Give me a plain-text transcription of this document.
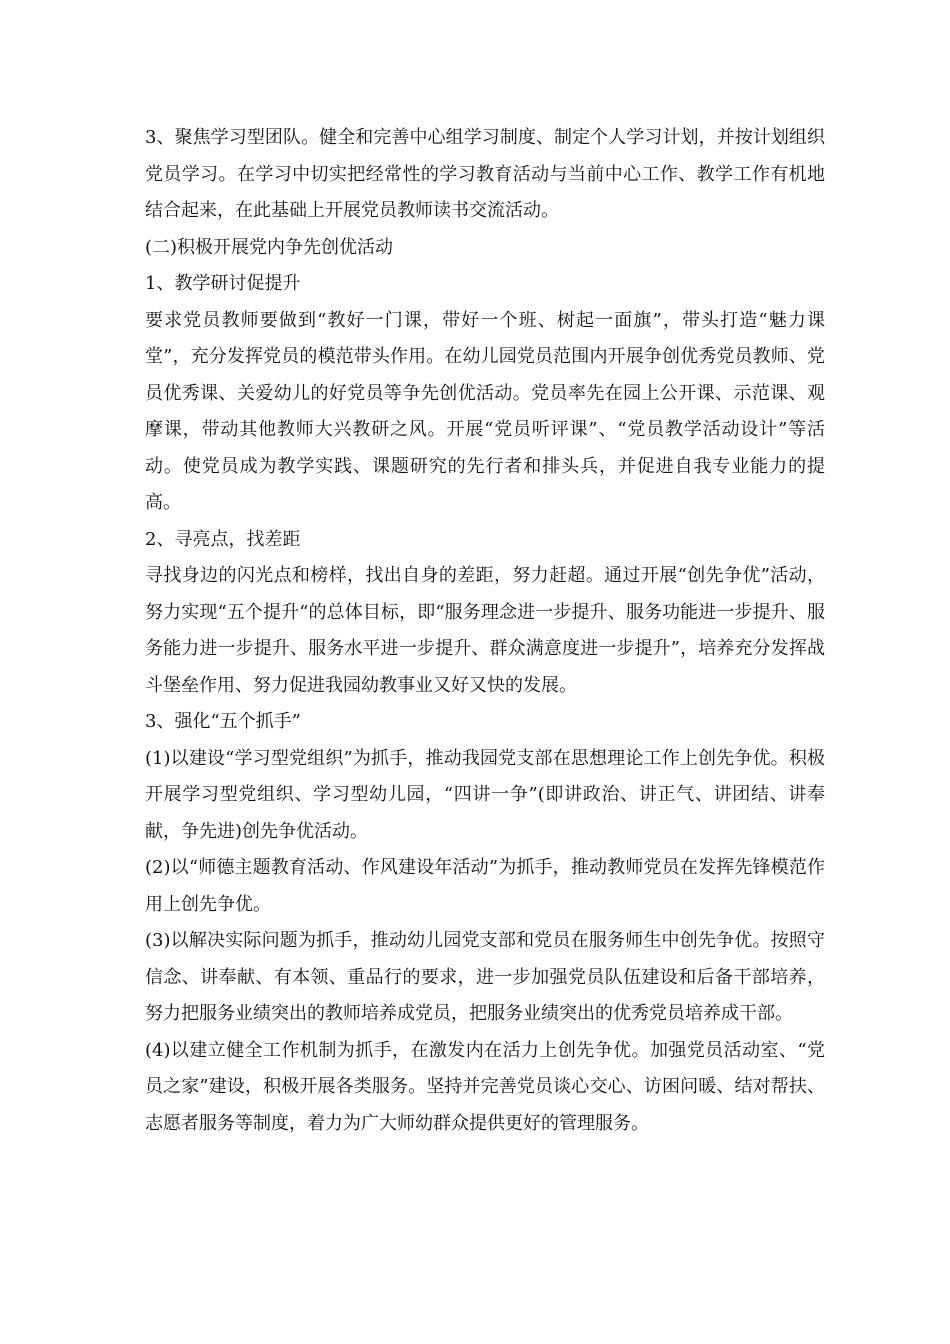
3、聚焦学习型团队。健全和完善中心组学习制度、制定个人学习计划，并按计划组织党员学习。在学习中切实把经常性的学习教育活动与当前中心工作、教学工作有机地结合起来，在此基础上开展党员教师读书交流活动。

(二)积极开展党内争先创优活动

1、教学研讨促提升

要求党员教师要做到“教好一门课，带好一个班、树起一面旗”，带头打造“魅力课堂”，充分发挥党员的模范带头作用。在幼儿园党员范围内开展争创优秀党员教师、党员优秀课、关爱幼儿的好党员等争先创优活动。党员率先在园上公开课、示范课、观摩课，带动其他教师大兴教研之风。开展“党员听评课”、“党员教学活动设计”等活动。使党员成为教学实践、课题研究的先行者和排头兵，并促进自我专业能力的提高。

2、寻亮点，找差距

寻找身边的闪光点和榜样，找出自身的差距，努力赶超。通过开展“创先争优”活动，努力实现“五个提升“的总体目标，即“服务理念进一步提升、服务功能进一步提升、服务能力进一步提升、服务水平进一步提升、群众满意度进一步提升”，培养充分发挥战斗堡垒作用、努力促进我园幼教事业又好又快的发展。

3、强化“五个抓手”

(1)以建设“学习型党组织”为抓手，推动我园党支部在思想理论工作上创先争优。积极开展学习型党组织、学习型幼儿园，“四讲一争”(即讲政治、讲正气、讲团结、讲奉献，争先进)创先争优活动。

(2)以“师德主题教育活动、作风建设年活动”为抓手，推动教师党员在发挥先锋模范作用上创先争优。

(3)以解决实际问题为抓手，推动幼儿园党支部和党员在服务师生中创先争优。按照守信念、讲奉献、有本领、重品行的要求，进一步加强党员队伍建设和后备干部培养，努力把服务业绩突出的教师培养成党员，把服务业绩突出的优秀党员培养成干部。

(4)以建立健全工作机制为抓手，在激发内在活力上创先争优。加强党员活动室、“党员之家”建设，积极开展各类服务。坚持并完善党员谈心交心、访困问暖、结对帮扶、志愿者服务等制度，着力为广大师幼群众提供更好的管理服务。
